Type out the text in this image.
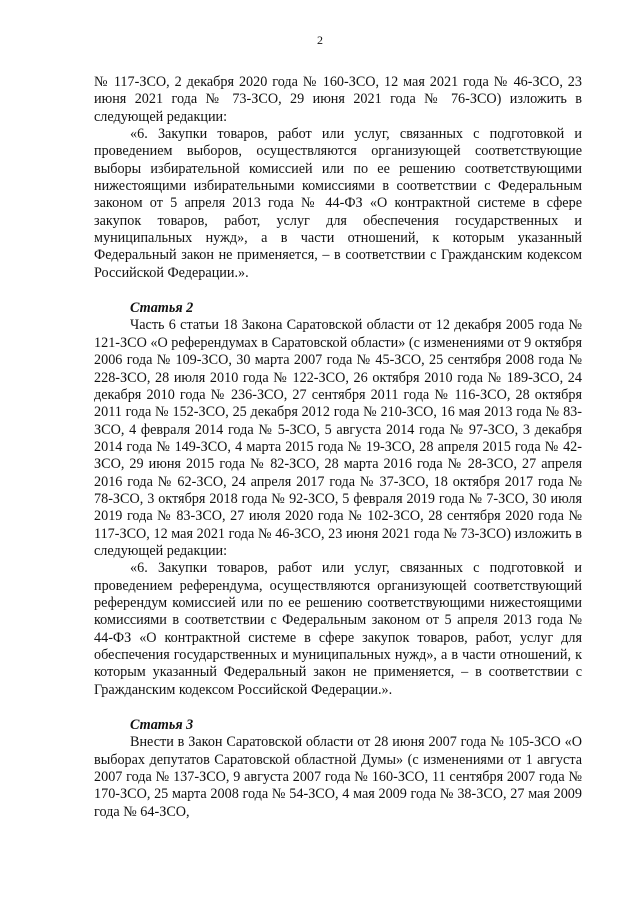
2

№ 117-ЗСО, 2 декабря 2020 года № 160-ЗСО, 12 мая 2021 года № 46-ЗСО, 23 июня 2021 года № 73-ЗСО, 29 июня 2021 года № 76-ЗСО) изложить в следующей редакции:

«6. Закупки товаров, работ или услуг, связанных с подготовкой и проведением выборов, осуществляются организующей соответствующие выборы избирательной комиссией или по ее решению соответствующими нижестоящими избирательными комиссиями в соответствии с Федеральным законом от 5 апреля 2013 года № 44-ФЗ «О контрактной системе в сфере закупок товаров, работ, услуг для обеспечения государственных и муниципальных нужд», а в части отношений, к которым указанный Федеральный закон не применяется, – в соответствии с Гражданским кодексом Российской Федерации.».

Статья 2

Часть 6 статьи 18 Закона Саратовской области от 12 декабря 2005 года № 121-ЗСО «О референдумах в Саратовской области» (с изменениями от 9 октября 2006 года № 109-ЗСО, 30 марта 2007 года № 45-ЗСО, 25 сентября 2008 года № 228-ЗСО, 28 июля 2010 года № 122-ЗСО, 26 октября 2010 года № 189-ЗСО, 24 декабря 2010 года № 236-ЗСО, 27 сентября 2011 года № 116-ЗСО, 28 октября 2011 года № 152-ЗСО, 25 декабря 2012 года № 210-ЗСО, 16 мая 2013 года № 83-ЗСО, 4 февраля 2014 года № 5-ЗСО, 5 августа 2014 года № 97-ЗСО, 3 декабря 2014 года № 149-ЗСО, 4 марта 2015 года № 19-ЗСО, 28 апреля 2015 года № 42-ЗСО, 29 июня 2015 года № 82-ЗСО, 28 марта 2016 года № 28-ЗСО, 27 апреля 2016 года № 62-ЗСО, 24 апреля 2017 года № 37-ЗСО, 18 октября 2017 года № 78-ЗСО, 3 октября 2018 года № 92-ЗСО, 5 февраля 2019 года № 7-ЗСО, 30 июля 2019 года № 83-ЗСО, 27 июля 2020 года № 102-ЗСО, 28 сентября 2020 года № 117-ЗСО, 12 мая 2021 года № 46-ЗСО, 23 июня 2021 года № 73-ЗСО) изложить в следующей редакции:

«6. Закупки товаров, работ или услуг, связанных с подготовкой и проведением референдума, осуществляются организующей соответствующий референдум комиссией или по ее решению соответствующими нижестоящими комиссиями в соответствии с Федеральным законом от 5 апреля 2013 года № 44-ФЗ «О контрактной системе в сфере закупок товаров, работ, услуг для обеспечения государственных и муниципальных нужд», а в части отношений, к которым указанный Федеральный закон не применяется, – в соответствии с Гражданским кодексом Российской Федерации.».

Статья 3

Внести в Закон Саратовской области от 28 июня 2007 года № 105-ЗСО «О выборах депутатов Саратовской областной Думы» (с изменениями от 1 августа 2007 года № 137-ЗСО, 9 августа 2007 года № 160-ЗСО, 11 сентября 2007 года № 170-ЗСО, 25 марта 2008 года № 54-ЗСО, 4 мая 2009 года № 38-ЗСО, 27 мая 2009 года № 64-ЗСО,
